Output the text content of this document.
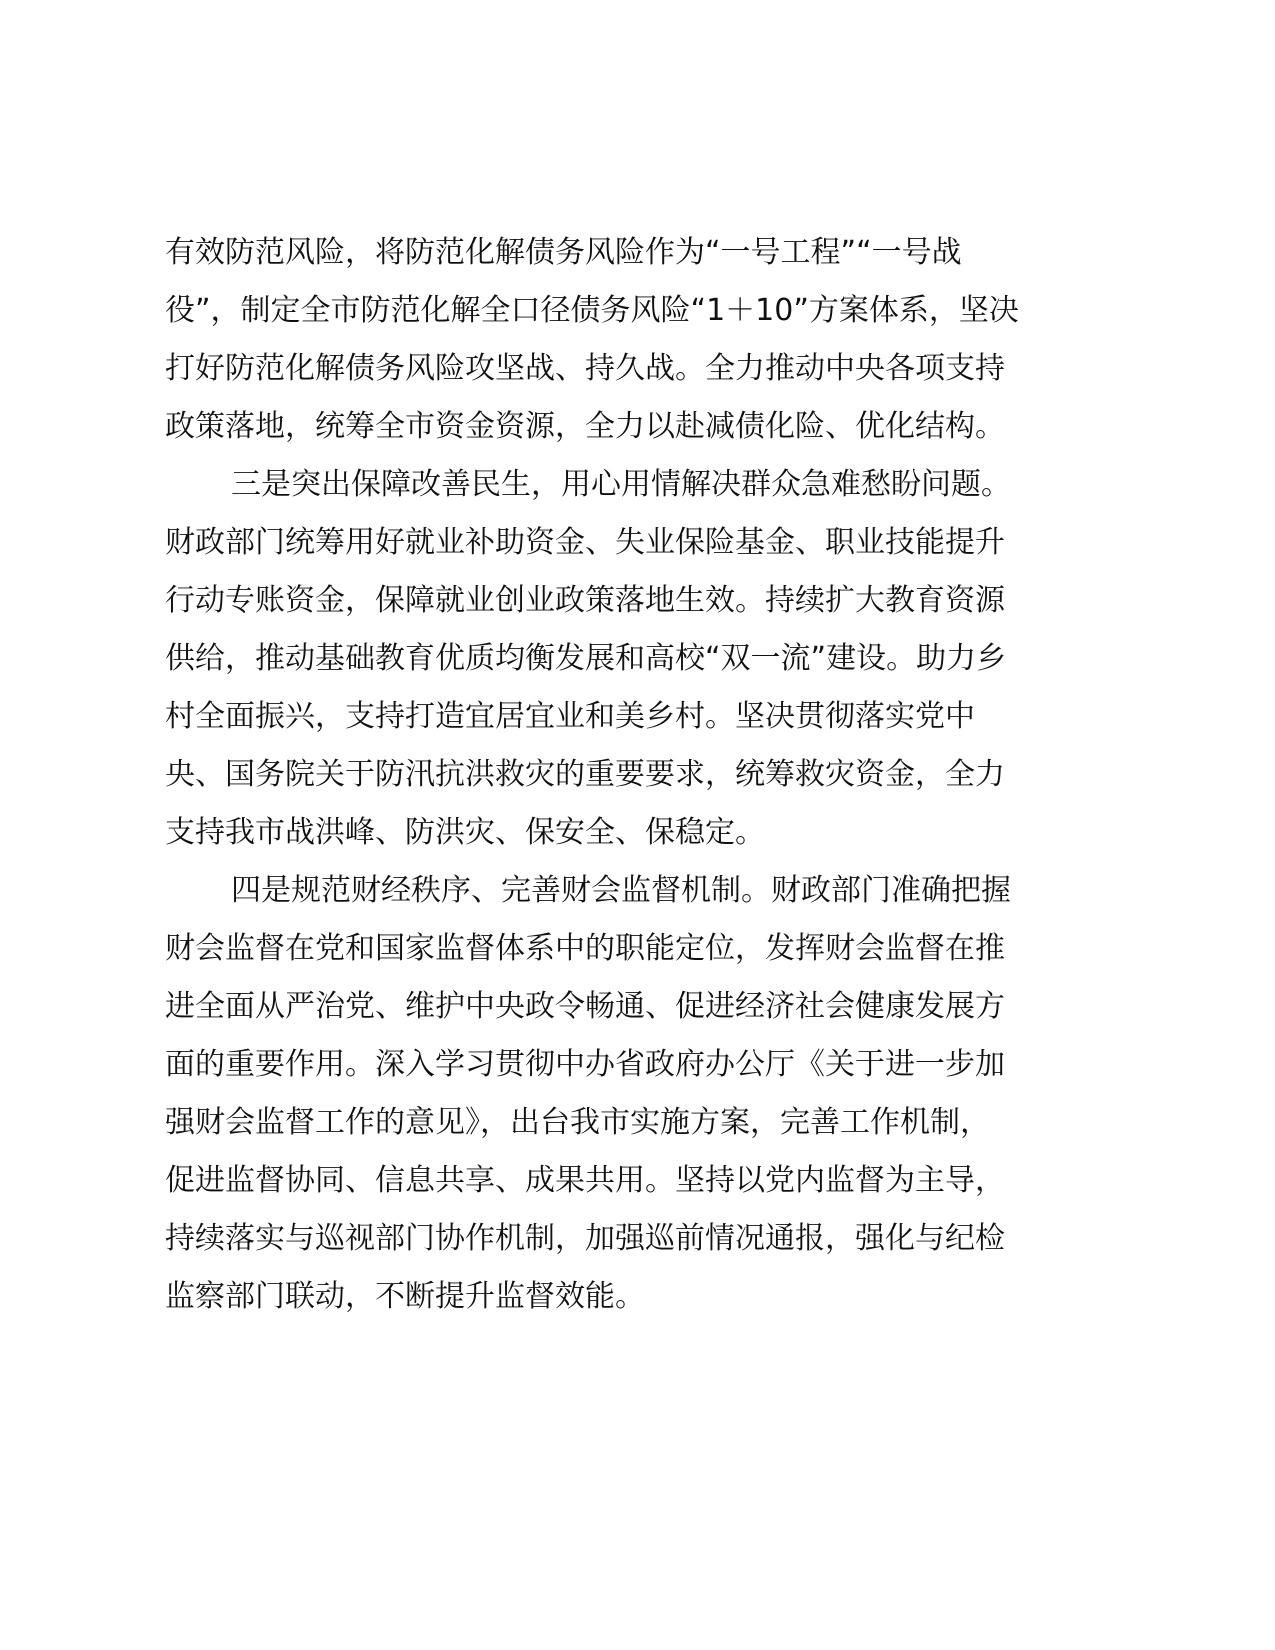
有效防范风险，将防范化解债务风险作为“一号工程”“一号战
役”，制定全市防范化解全口径债务风险“1＋10”方案体系，坚决
打好防范化解债务风险攻坚战、持久战。全力推动中央各项支持
政策落地，统筹全市资金资源，全力以赴减债化险、优化结构。
三是突出保障改善民生，用心用情解决群众急难愁盼问题。
财政部门统筹用好就业补助资金、失业保险基金、职业技能提升
行动专账资金，保障就业创业政策落地生效。持续扩大教育资源
供给，推动基础教育优质均衡发展和高校“双一流”建设。助力乡
村全面振兴，支持打造宜居宜业和美乡村。坚决贯彻落实党中
央、国务院关于防汛抗洪救灾的重要要求，统筹救灾资金，全力
支持我市战洪峰、防洪灾、保安全、保稳定。
四是规范财经秩序、完善财会监督机制。财政部门准确把握
财会监督在党和国家监督体系中的职能定位，发挥财会监督在推
进全面从严治党、维护中央政令畅通、促进经济社会健康发展方
面的重要作用。深入学习贯彻中办省政府办公厅《关于进一步加
强财会监督工作的意见》，出台我市实施方案，完善工作机制，
促进监督协同、信息共享、成果共用。坚持以党内监督为主导，
持续落实与巡视部门协作机制，加强巡前情况通报，强化与纪检
监察部门联动，不断提升监督效能。
